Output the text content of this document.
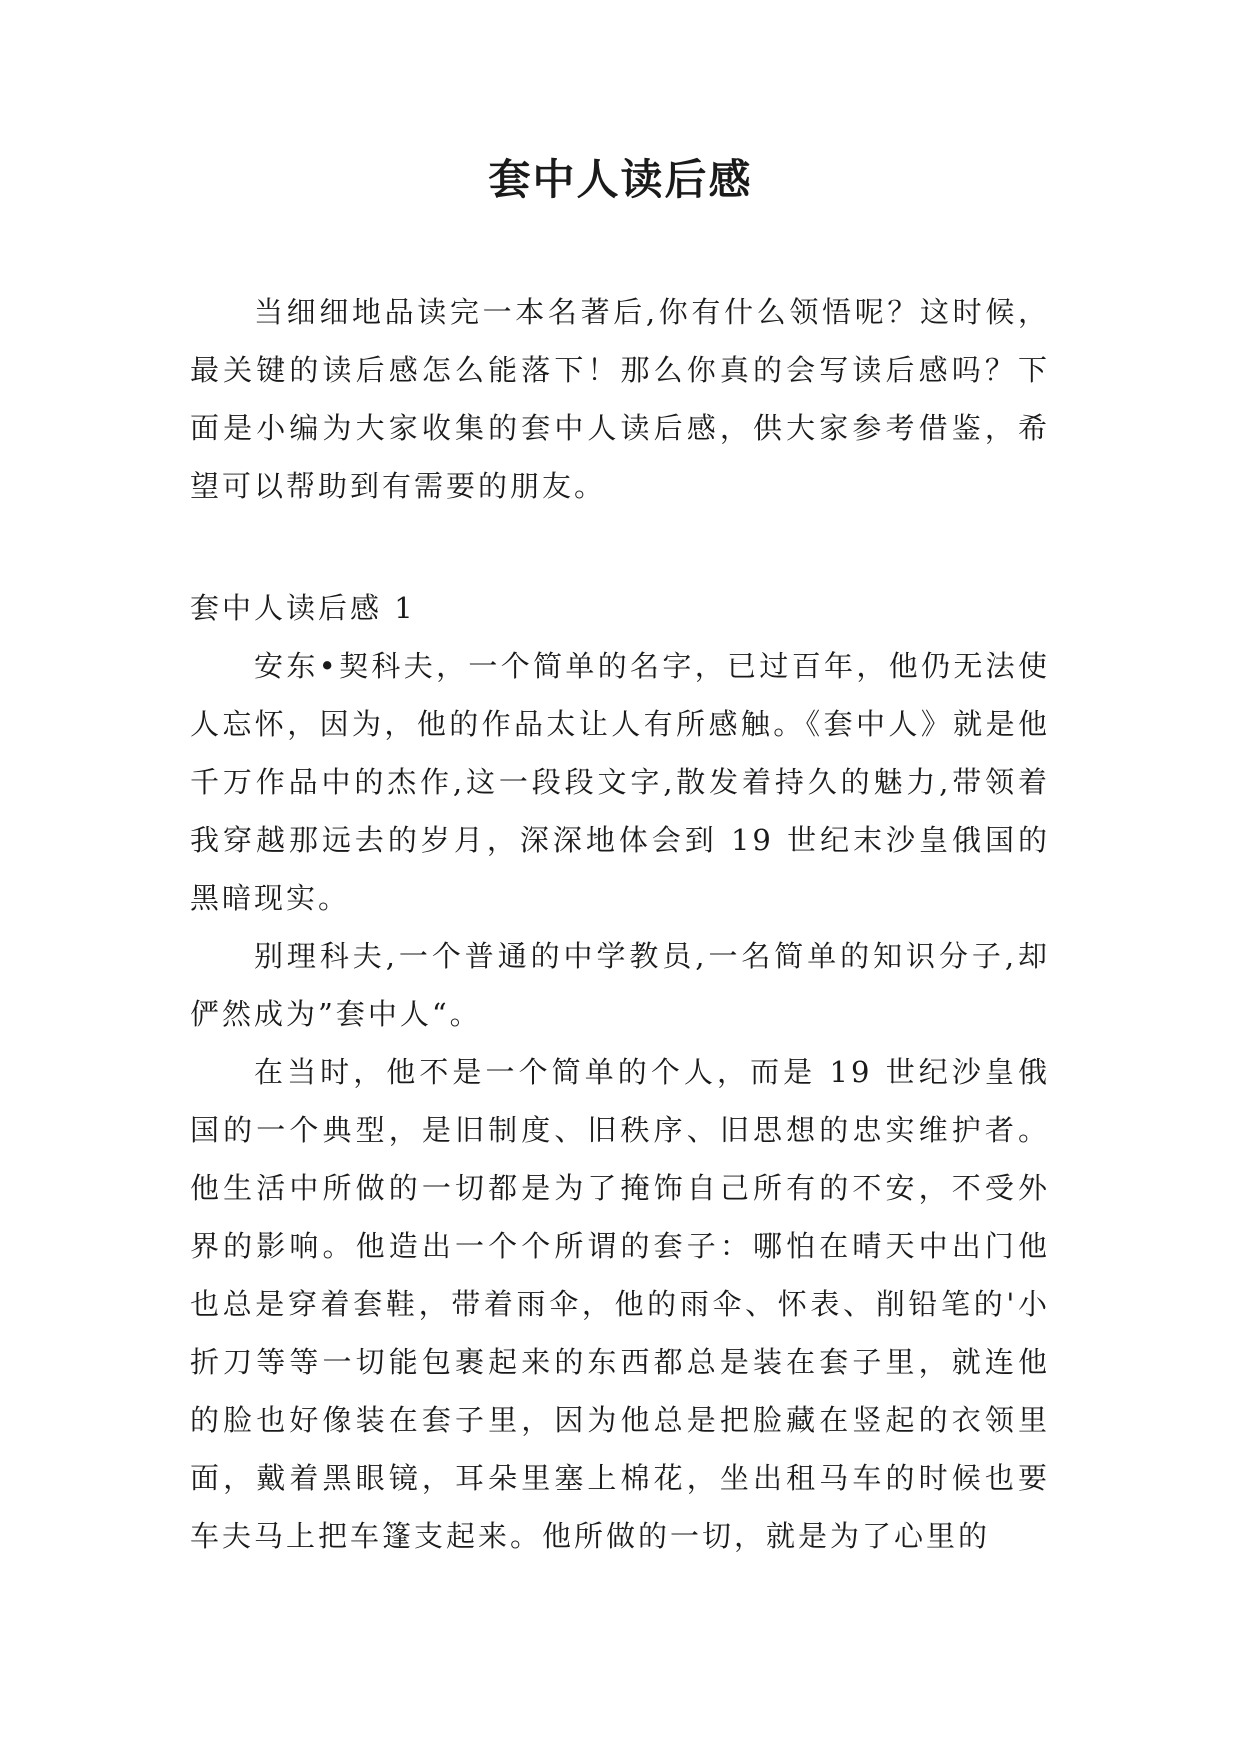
套中人读后感

当细细地品读完一本名著后,你有什么领悟呢？这时候，最关键的读后感怎么能落下！那么你真的会写读后感吗？下面是小编为大家收集的套中人读后感，供大家参考借鉴，希望可以帮助到有需要的朋友。

套中人读后感 1

安东•契科夫，一个简单的名字，已过百年，他仍无法使人忘怀，因为，他的作品太让人有所感触。《套中人》就是他千万作品中的杰作,这一段段文字,散发着持久的魅力,带领着我穿越那远去的岁月，深深地体会到 19 世纪末沙皇俄国的黑暗现实。

别理科夫,一个普通的中学教员,一名简单的知识分子,却俨然成为”套中人“。

在当时，他不是一个简单的个人，而是 19 世纪沙皇俄国的一个典型，是旧制度、旧秩序、旧思想的忠实维护者。他生活中所做的一切都是为了掩饰自己所有的不安，不受外界的影响。他造出一个个所谓的套子：哪怕在晴天中出门他也总是穿着套鞋，带着雨伞，他的雨伞、怀表、削铅笔的'小折刀等等一切能包裹起来的东西都总是装在套子里，就连他的脸也好像装在套子里，因为他总是把脸藏在竖起的衣领里面，戴着黑眼镜，耳朵里塞上棉花，坐出租马车的时候也要车夫马上把车篷支起来。他所做的一切，就是为了心里的
